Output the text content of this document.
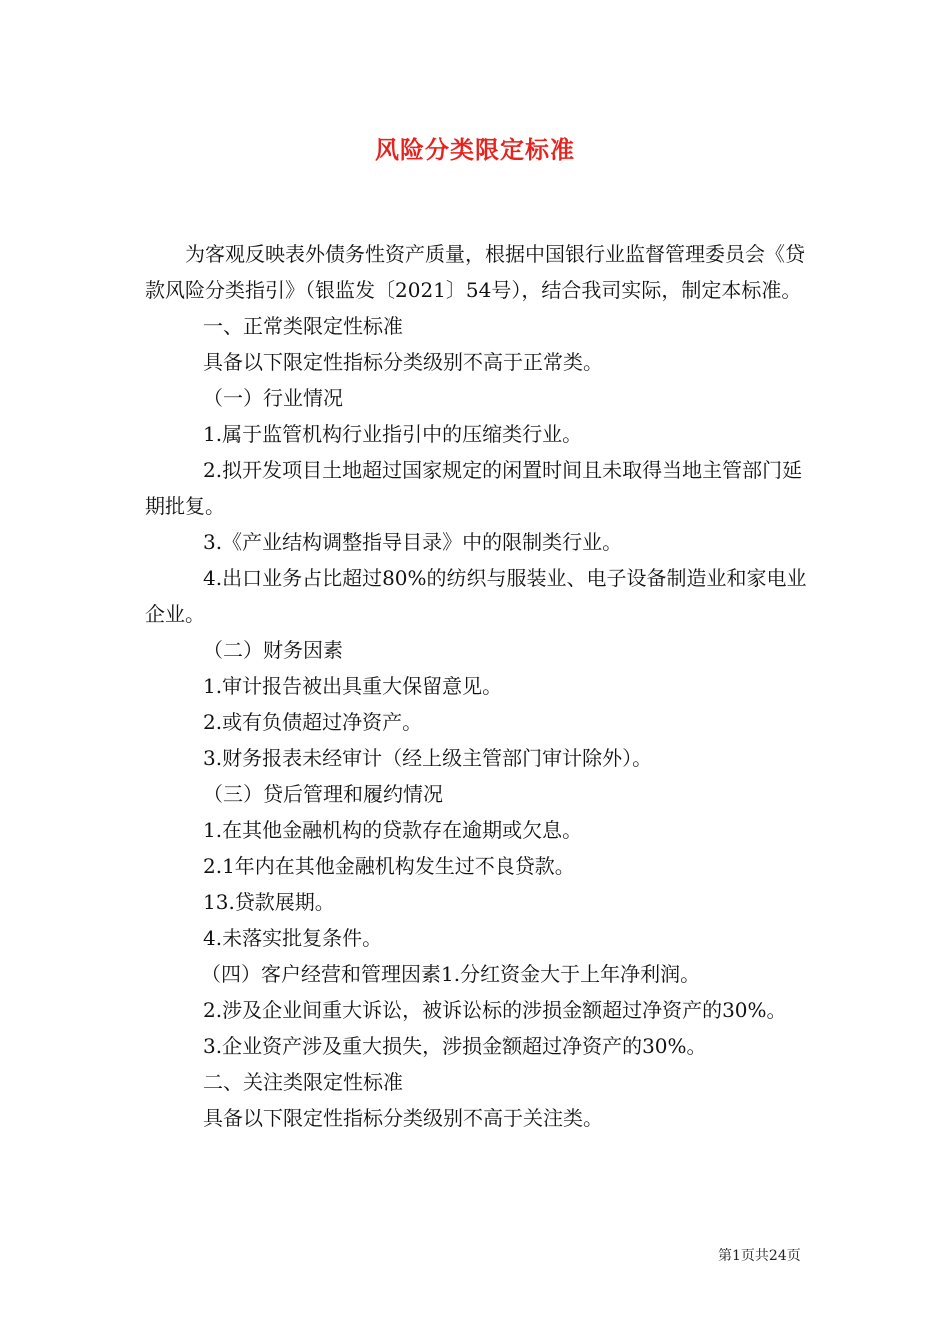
风险分类限定标准

为客观反映表外债务性资产质量，根据中国银行业监督管理委员会《贷款风险分类指引》（银监发〔2021〕54号），结合我司实际，制定本标准。

一、正常类限定性标准

具备以下限定性指标分类级别不高于正常类。

（一）行业情况

1.属于监管机构行业指引中的压缩类行业。

2.拟开发项目土地超过国家规定的闲置时间且未取得当地主管部门延期批复。

3.《产业结构调整指导目录》中的限制类行业。

4.出口业务占比超过80%的纺织与服装业、电子设备制造业和家电业企业。

（二）财务因素

1.审计报告被出具重大保留意见。

2.或有负债超过净资产。

3.财务报表未经审计（经上级主管部门审计除外）。

（三）贷后管理和履约情况

1.在其他金融机构的贷款存在逾期或欠息。

2.1年内在其他金融机构发生过不良贷款。

13.贷款展期。

4.未落实批复条件。

（四）客户经营和管理因素1.分红资金大于上年净利润。

2.涉及企业间重大诉讼，被诉讼标的涉损金额超过净资产的30%。

3.企业资产涉及重大损失，涉损金额超过净资产的30%。

二、关注类限定性标准

具备以下限定性指标分类级别不高于关注类。

第1页共24页
